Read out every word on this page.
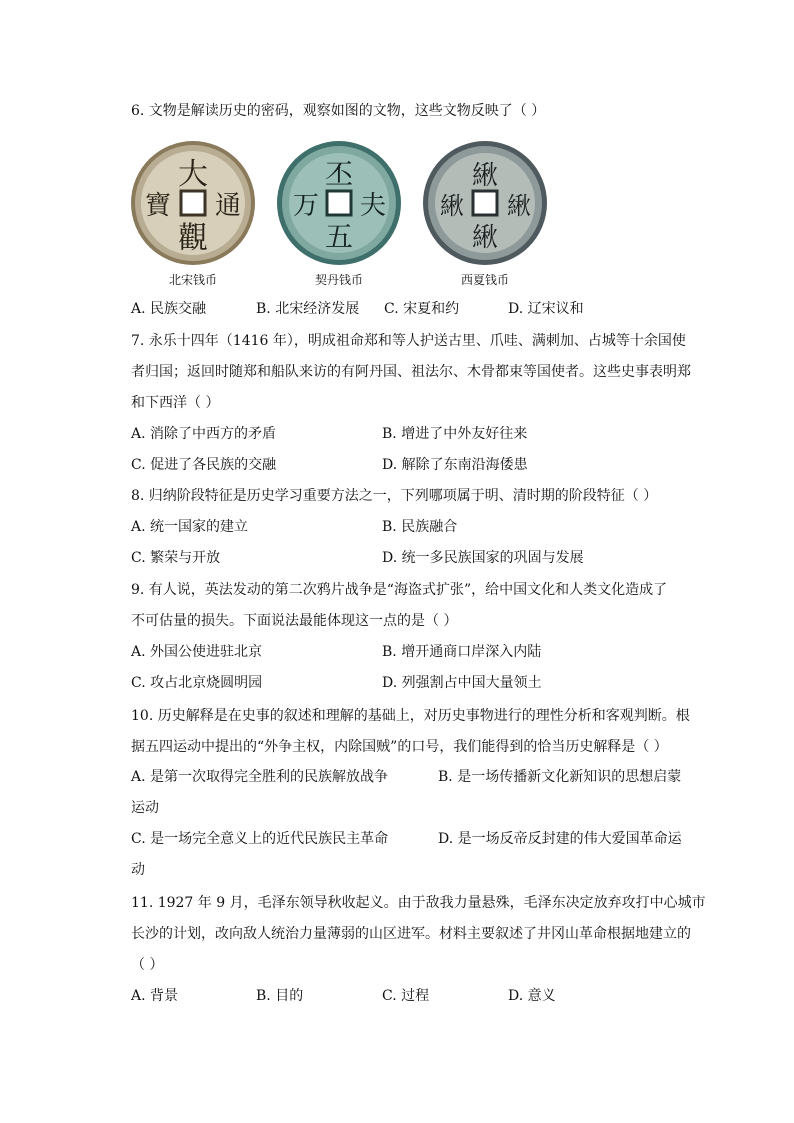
6. 文物是解读历史的密码，观察如图的文物，这些文物反映了（ ）
大
觀
寶 通
北宋钱币
丕
五
万 夫
契丹钱币
䋺
䋺
䋺 䋺
西夏钱币
A. 民族交融	B. 北宋经济发展 C. 宋夏和约	D. 辽宋议和
7. 永乐十四年（1416 年），明成祖命郑和等人护送古里、爪哇、满刺加、占城等十余国使
者归国；返回时随郑和船队来访的有阿丹国、祖法尔、木骨都束等国使者。这些史事表明郑
和下西洋（ ）
A. 消除了中西方的矛盾	B. 增进了中外友好往来
C. 促进了各民族的交融	D. 解除了东南沿海倭患
8. 归纳阶段特征是历史学习重要方法之一，下列哪项属于明、清时期的阶段特征（ ）
A. 统一国家的建立	B. 民族融合
C. 繁荣与开放	D. 统一多民族国家的巩固与发展
9. 有人说，英法发动的第二次鸦片战争是“海盗式扩张”，给中国文化和人类文化造成了
不可估量的损失。下面说法最能体现这一点的是（ ）
A. 外国公使进驻北京	B. 增开通商口岸深入内陆
C. 攻占北京烧圆明园	D. 列强割占中国大量领土
10. 历史解释是在史事的叙述和理解的基础上，对历史事物进行的理性分析和客观判断。根
据五四运动中提出的“外争主权，内除国贼”的口号，我们能得到的恰当历史解释是（ ）
A. 是第一次取得完全胜利的民族解放战争	B. 是一场传播新文化新知识的思想启蒙
运动
C. 是一场完全意义上的近代民族民主革命	D. 是一场反帝反封建的伟大爱国革命运
动
11. 1927 年 9 月，毛泽东领导秋收起义。由于敌我力量悬殊，毛泽东决定放弃攻打中心城市
长沙的计划，改向敌人统治力量薄弱的山区进军。材料主要叙述了井冈山革命根据地建立的
（ ）
A. 背景	B. 目的	C. 过程	D. 意义
